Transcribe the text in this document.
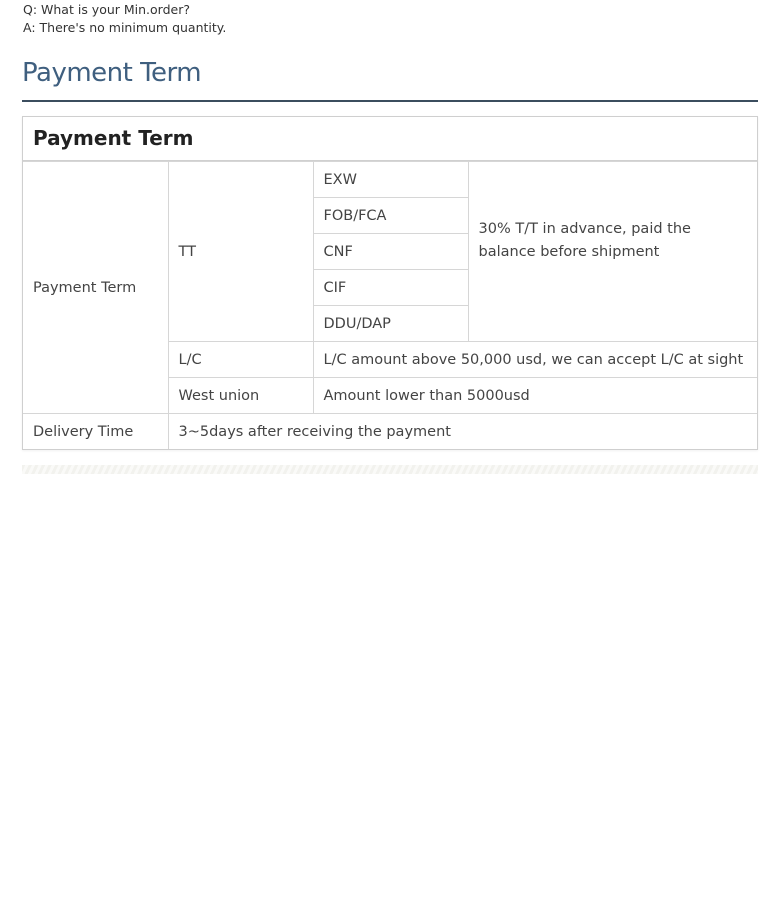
Q: What is your Min.order?
A: There's no minimum quantity.
Payment Term
Payment Term
Payment Term	TT	EXW	30% T/T in advance, paid the balance before shipment
		FOB/FCA	
		CNF	
		CIF	
		DDU/DAP	
	L/C	L/C amount above 50,000 usd, we can accept L/C at sight	
	West union	Amount lower than 5000usd	
Delivery Time	3~5days after receiving the payment		
